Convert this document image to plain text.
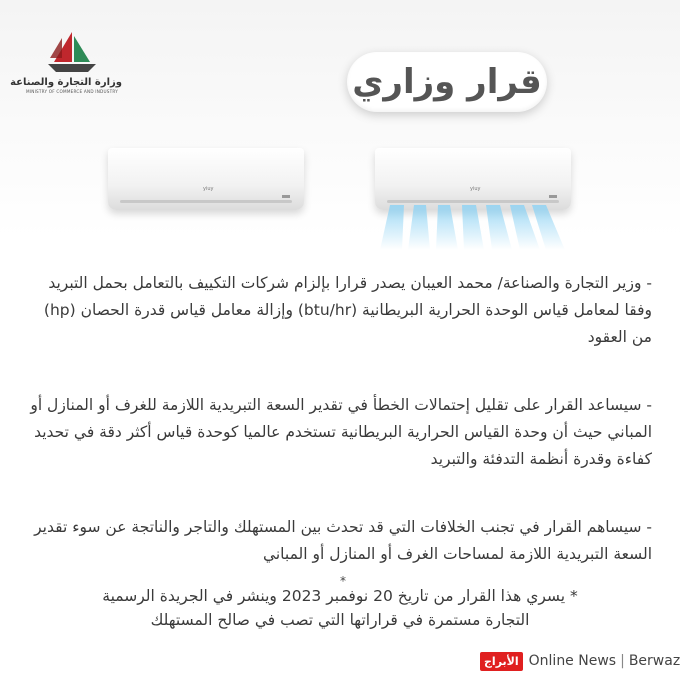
وزارة التجارة والصناعة
MINISTRY OF COMMERCE AND INDUSTRY	قرار وزاري
yiuy	yiuy
- وزير التجارة والصناعة/ محمد العيبان يصدر قرارا بإلزام شركات التكييف بالتعامل بحمل التبريد وفقا لمعامل قياس الوحدة الحرارية البريطانية (btu/hr) وإزالة معامل قياس قدرة الحصان (hp) من العقود
- سيساعد القرار على تقليل إحتمالات الخطأ في تقدير السعة التبريدية اللازمة للغرف أو المنازل أو المباني حيث أن وحدة القياس الحرارية البريطانية تستخدم عالميا كوحدة قياس أكثر دقة في تحديد كفاءة وقدرة أنظمة التدفئة والتبريد
- سيساهم القرار في تجنب الخلافات التي قد تحدث بين المستهلك والتاجر والناتجة عن سوء تقدير السعة التبريدية اللازمة لمساحات الغرف أو المنازل أو المباني
*
* يسري هذا القرار من تاريخ 20 نوفمبر 2023 وينشر في الجريدة الرسمية
التجارة مستمرة في قراراتها التي تصب في صالح المستهلك
الأبراج Online News | Berwaz
